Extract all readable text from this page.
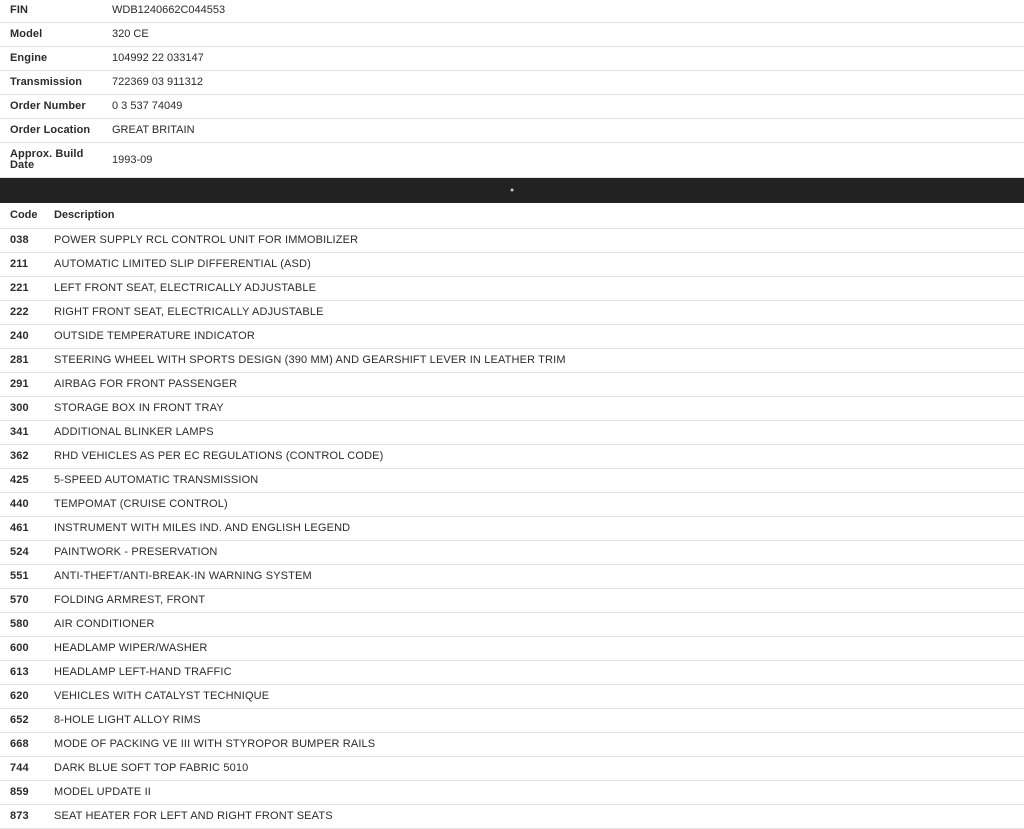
FIN	WDB1240662C044553
Model	320 CE
Engine	104992 22 033147
Transmission	722369 03 911312
Order Number	0 3 537 74049
Order Location	GREAT BRITAIN
Approx. Build Date	1993-09
•
Code	Description
038	POWER SUPPLY RCL CONTROL UNIT FOR IMMOBILIZER
211	AUTOMATIC LIMITED SLIP DIFFERENTIAL (ASD)
221	LEFT FRONT SEAT, ELECTRICALLY ADJUSTABLE
222	RIGHT FRONT SEAT, ELECTRICALLY ADJUSTABLE
240	OUTSIDE TEMPERATURE INDICATOR
281	STEERING WHEEL WITH SPORTS DESIGN (390 MM) AND GEARSHIFT LEVER IN LEATHER TRIM
291	AIRBAG FOR FRONT PASSENGER
300	STORAGE BOX IN FRONT TRAY
341	ADDITIONAL BLINKER LAMPS
362	RHD VEHICLES AS PER EC REGULATIONS (CONTROL CODE)
425	5-SPEED AUTOMATIC TRANSMISSION
440	TEMPOMAT (CRUISE CONTROL)
461	INSTRUMENT WITH MILES IND. AND ENGLISH LEGEND
524	PAINTWORK - PRESERVATION
551	ANTI-THEFT/ANTI-BREAK-IN WARNING SYSTEM
570	FOLDING ARMREST, FRONT
580	AIR CONDITIONER
600	HEADLAMP WIPER/WASHER
613	HEADLAMP LEFT-HAND TRAFFIC
620	VEHICLES WITH CATALYST TECHNIQUE
652	8-HOLE LIGHT ALLOY RIMS
668	MODE OF PACKING VE III WITH STYROPOR BUMPER RAILS
744	DARK BLUE SOFT TOP FABRIC 5010
859	MODEL UPDATE II
873	SEAT HEATER FOR LEFT AND RIGHT FRONT SEATS
